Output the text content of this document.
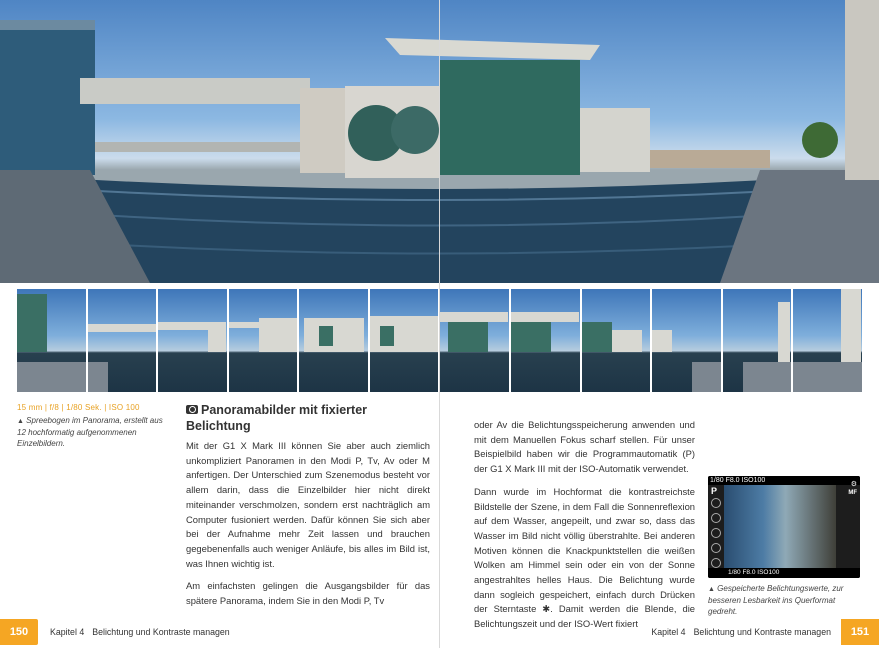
15 mm | f/8 | 1/80 Sek. | ISO 100
▲ Spreebogen im Panorama, erstellt aus 12 hochformatig aufgenommenen Einzelbildern.
Panoramabilder mit fixierter Belichtung

Mit der G1 X Mark III können Sie aber auch ziemlich unkompliziert Panoramen in den Modi P, Tv, Av oder M anfertigen. Der Unterschied zum Szenemodus besteht vor allem darin, dass die Einzelbilder hier nicht direkt miteinander verschmolzen, sondern erst nachträglich am Computer fusioniert werden. Dafür können Sie sich aber bei der Aufnahme mehr Zeit lassen und brauchen gegebenenfalls auch weniger Anläufe, bis alles im Bild ist, was Ihnen wichtig ist.

Am einfachsten gelingen die Ausgangsbilder für das spätere Panorama, indem Sie in den Modi P, Tv

oder Av die Belichtungsspeicherung anwenden und mit dem Manuellen Fokus scharf stellen. Für unser Beispielbild haben wir die Programmautomatik (P) der G1 X Mark III mit der ISO-Automatik verwendet.

Dann wurde im Hochformat die kontrastreichste Bildstelle der Szene, in dem Fall die Sonnenreflexion auf dem Wasser, angepeilt, und zwar so, dass das Wasser im Bild nicht völlig überstrahlte. Bei anderen Motiven können die Knackpunktstellen die weißen Wolken am Himmel sein oder ein von der Sonne angestrahltes helles Haus. Die Belichtung wurde dann sogleich gespeichert, einfach durch Drücken der Sterntaste ✱. Damit werden die Blende, die Belichtungszeit und der ISO-Wert fixiert

1/80 F8.0 ISO100
P
⚙
MF
1/80 F8.0 ISO100
▲ Gespeicherte Belichtungswerte, zur besseren Lesbarkeit ins Querformat gedreht.
150	Kapitel 4 Belichtung und Kontraste managen	Kapitel 4 Belichtung und Kontraste managen	151
